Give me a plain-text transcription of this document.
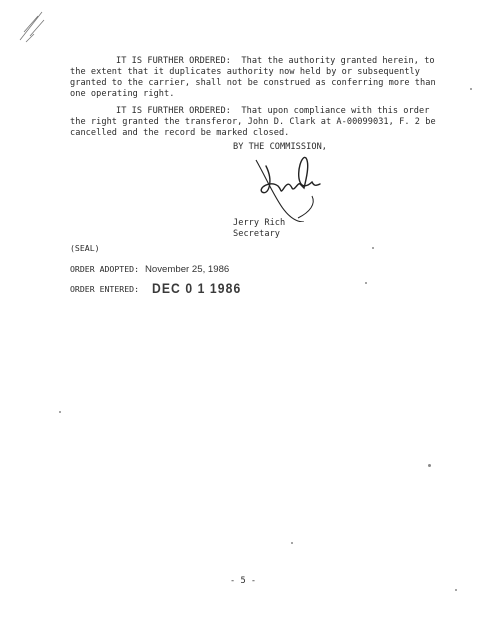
IT IS FURTHER ORDERED:  That the authority granted herein, to
the extent that it duplicates authority now held by or subsequently
granted to the carrier, shall not be construed as conferring more than
one operating right.
IT IS FURTHER ORDERED:  That upon compliance with this order
the right granted the transferor, John D. Clark at A-00099031, F. 2 be
cancelled and the record be marked closed.
BY THE COMMISSION,
Jerry Rich
Secretary
(SEAL)
ORDER ADOPTED: November 25, 1986
ORDER ENTERED: DEC 0 1 1986
- 5 -
